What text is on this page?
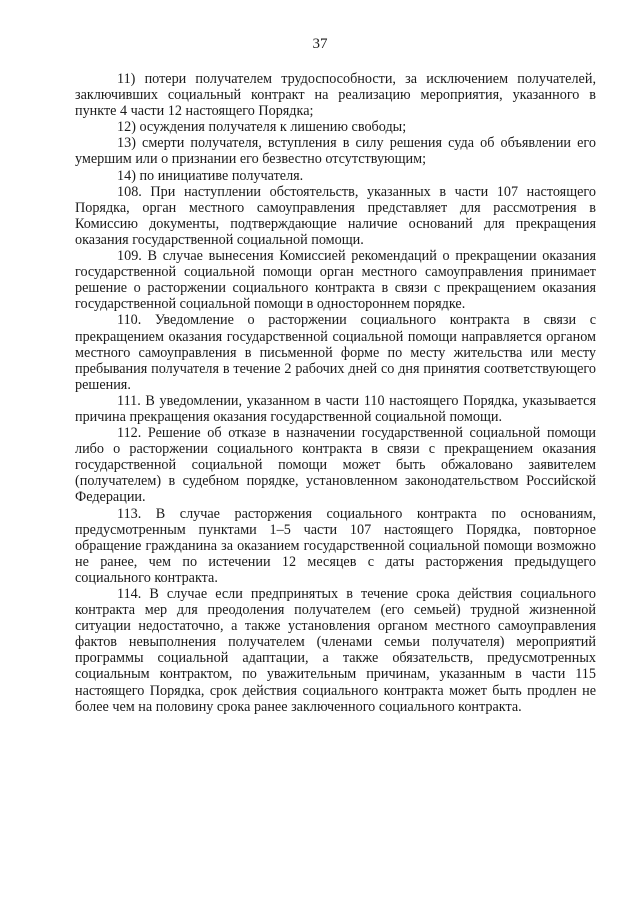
37

11) потери получателем трудоспособности, за исключением получателей, заключивших социальный контракт на реализацию мероприятия, указанного в пункте 4 части 12 настоящего Порядка;

12) осуждения получателя к лишению свободы;

13) смерти получателя, вступления в силу решения суда об объявлении его умершим или о признании его безвестно отсутствующим;

14) по инициативе получателя.

108. При наступлении обстоятельств, указанных в части 107 настоящего Порядка, орган местного самоуправления представляет для рассмотрения в Комиссию документы, подтверждающие наличие оснований для прекращения оказания государственной социальной помощи.

109. В случае вынесения Комиссией рекомендаций о прекращении оказания государственной социальной помощи орган местного самоуправления принимает решение о расторжении социального контракта в связи с прекращением оказания государственной социальной помощи в одностороннем порядке.

110. Уведомление о расторжении социального контракта в связи с прекращением оказания государственной социальной помощи направляется органом местного самоуправления в письменной форме по месту жительства или месту пребывания получателя в течение 2 рабочих дней со дня принятия соответствующего решения.

111. В уведомлении, указанном в части 110 настоящего Порядка, указывается причина прекращения оказания государственной социальной помощи.

112. Решение об отказе в назначении государственной социальной помощи либо о расторжении социального контракта в связи с прекращением оказания государственной социальной помощи может быть обжаловано заявителем (получателем) в судебном порядке, установленном законодательством Российской Федерации.

113. В случае расторжения социального контракта по основаниям, предусмотренным пунктами 1–5 части 107 настоящего Порядка, повторное обращение гражданина за оказанием государственной социальной помощи возможно не ранее, чем по истечении 12 месяцев с даты расторжения предыдущего социального контракта.

114. В случае если предпринятых в течение срока действия социального контракта мер для преодоления получателем (его семьей) трудной жизненной ситуации недостаточно, а также установления органом местного самоуправления фактов невыполнения получателем (членами семьи получателя) мероприятий программы социальной адаптации, а также обязательств, предусмотренных социальным контрактом, по уважительным причинам, указанным в части 115 настоящего Порядка, срок действия социального контракта может быть продлен не более чем на половину срока ранее заключенного социального контракта.
